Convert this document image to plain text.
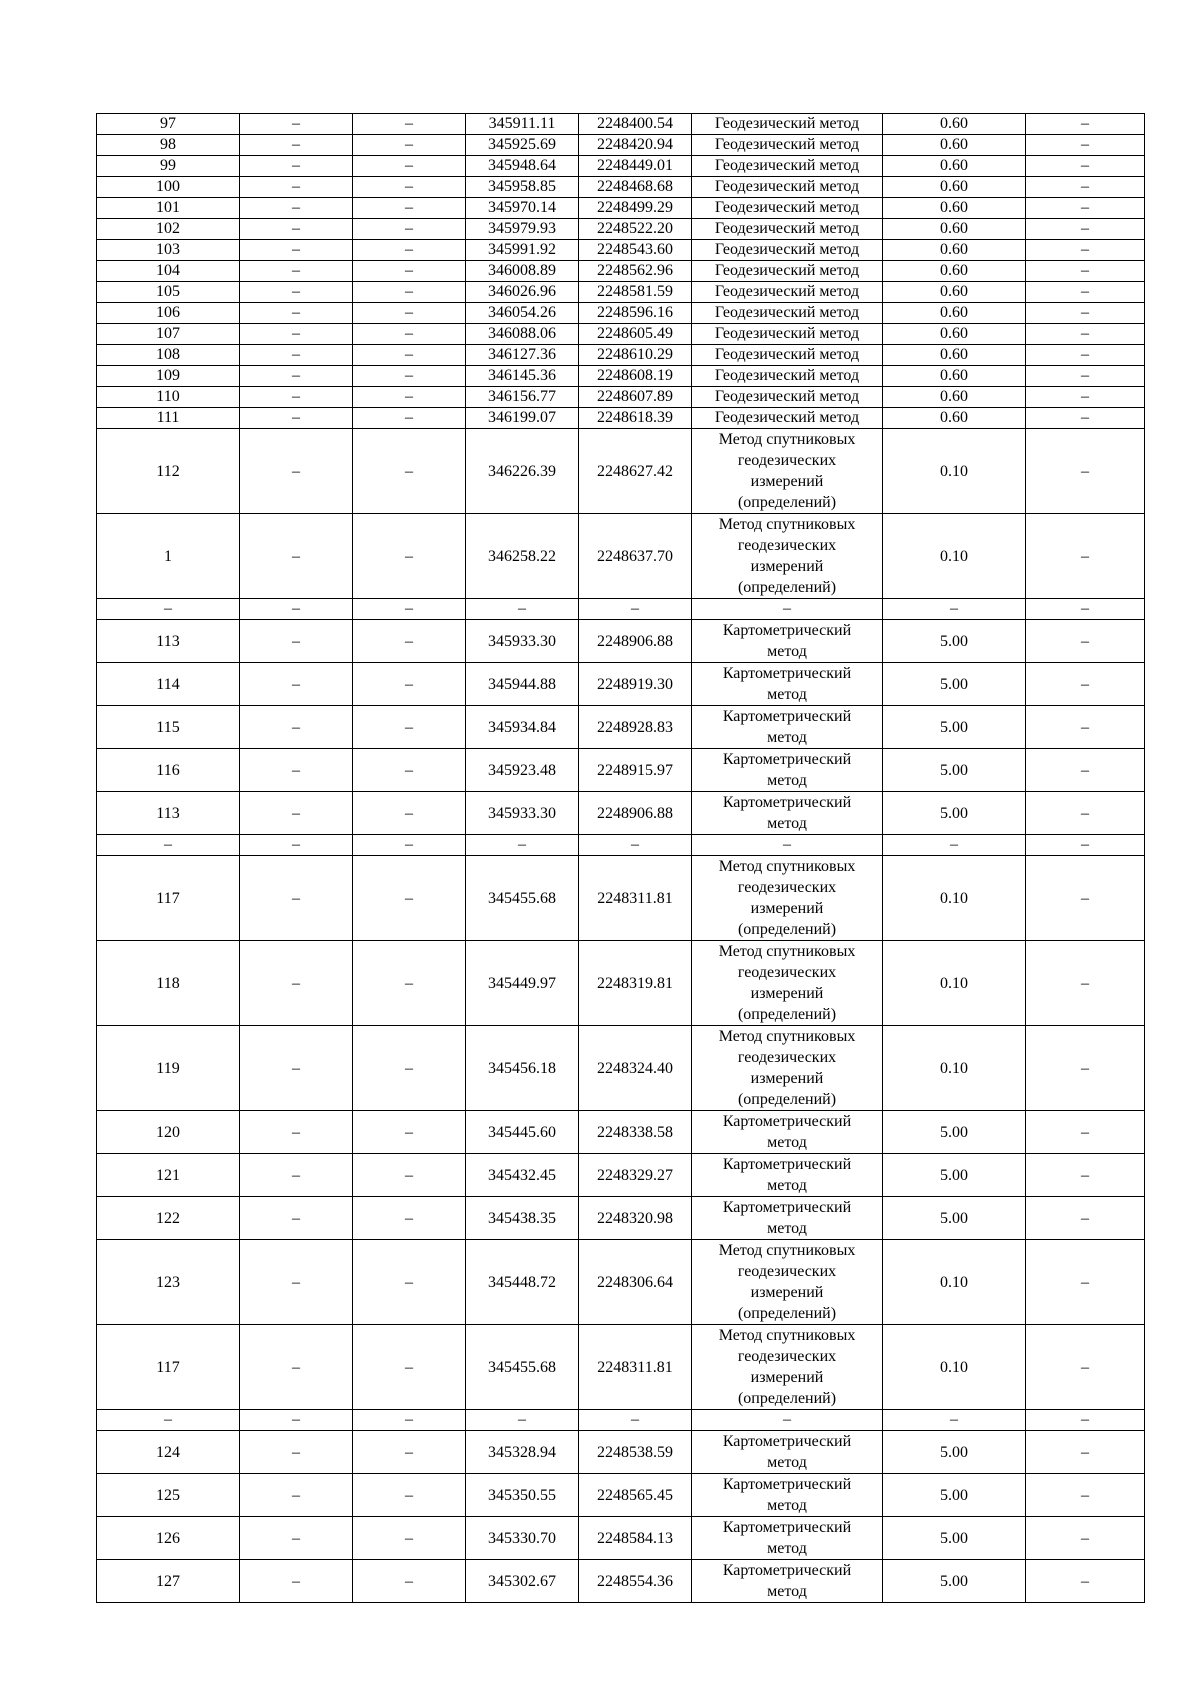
97	–	–	345911.11	2248400.54	Геодезический метод	0.60	–
98	–	–	345925.69	2248420.94	Геодезический метод	0.60	–
99	–	–	345948.64	2248449.01	Геодезический метод	0.60	–
100	–	–	345958.85	2248468.68	Геодезический метод	0.60	–
101	–	–	345970.14	2248499.29	Геодезический метод	0.60	–
102	–	–	345979.93	2248522.20	Геодезический метод	0.60	–
103	–	–	345991.92	2248543.60	Геодезический метод	0.60	–
104	–	–	346008.89	2248562.96	Геодезический метод	0.60	–
105	–	–	346026.96	2248581.59	Геодезический метод	0.60	–
106	–	–	346054.26	2248596.16	Геодезический метод	0.60	–
107	–	–	346088.06	2248605.49	Геодезический метод	0.60	–
108	–	–	346127.36	2248610.29	Геодезический метод	0.60	–
109	–	–	346145.36	2248608.19	Геодезический метод	0.60	–
110	–	–	346156.77	2248607.89	Геодезический метод	0.60	–
111	–	–	346199.07	2248618.39	Геодезический метод	0.60	–
112	–	–	346226.39	2248627.42	Метод спутниковых
геодезических
измерений
(определений)	0.10	–
1	–	–	346258.22	2248637.70	Метод спутниковых
геодезических
измерений
(определений)	0.10	–
–	–	–	–	–	–	–	–
113	–	–	345933.30	2248906.88	Картометрический
метод	5.00	–
114	–	–	345944.88	2248919.30	Картометрический
метод	5.00	–
115	–	–	345934.84	2248928.83	Картометрический
метод	5.00	–
116	–	–	345923.48	2248915.97	Картометрический
метод	5.00	–
113	–	–	345933.30	2248906.88	Картометрический
метод	5.00	–
–	–	–	–	–	–	–	–
117	–	–	345455.68	2248311.81	Метод спутниковых
геодезических
измерений
(определений)	0.10	–
118	–	–	345449.97	2248319.81	Метод спутниковых
геодезических
измерений
(определений)	0.10	–
119	–	–	345456.18	2248324.40	Метод спутниковых
геодезических
измерений
(определений)	0.10	–
120	–	–	345445.60	2248338.58	Картометрический
метод	5.00	–
121	–	–	345432.45	2248329.27	Картометрический
метод	5.00	–
122	–	–	345438.35	2248320.98	Картометрический
метод	5.00	–
123	–	–	345448.72	2248306.64	Метод спутниковых
геодезических
измерений
(определений)	0.10	–
117	–	–	345455.68	2248311.81	Метод спутниковых
геодезических
измерений
(определений)	0.10	–
–	–	–	–	–	–	–	–
124	–	–	345328.94	2248538.59	Картометрический
метод	5.00	–
125	–	–	345350.55	2248565.45	Картометрический
метод	5.00	–
126	–	–	345330.70	2248584.13	Картометрический
метод	5.00	–
127	–	–	345302.67	2248554.36	Картометрический
метод	5.00	–
